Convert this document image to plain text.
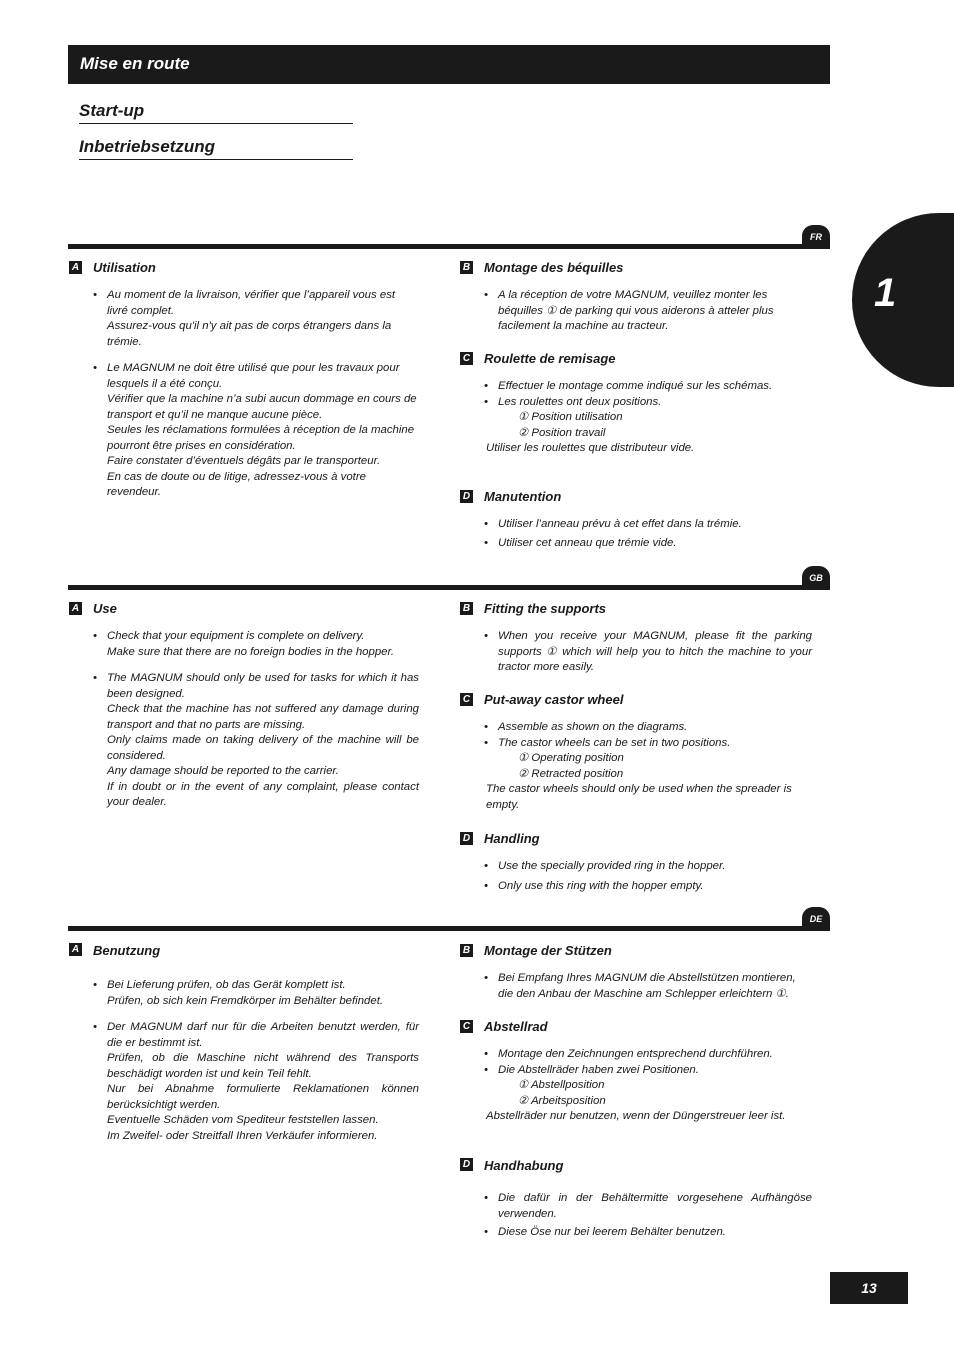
Mise en route
Start-up
Inbetriebsetzung
1
FR
A Utilisation
• Au moment de la livraison, vérifier que l’appareil vous est livré complet.
Assurez-vous qu'il n'y ait pas de corps étrangers dans la trémie.
• Le MAGNUM ne doit être utilisé que pour les travaux pour lesquels il a été conçu.
Vérifier que la machine n’a subi aucun dommage en cours de transport et qu’il ne manque aucune pièce.
Seules les réclamations formulées à réception de la machine pourront être prises en considération.
Faire constater d’éventuels dégâts par le transporteur.
En cas de doute ou de litige, adressez-vous à votre revendeur.
B Montage des béquilles
• A la réception de votre MAGNUM, veuillez monter les béquilles ① de parking qui vous aiderons à atteler plus facilement la machine au tracteur.
C Roulette de remisage
• Effectuer le montage comme indiqué sur les schémas.
• Les roulettes ont deux positions.
① Position utilisation
② Position travail
Utiliser les roulettes que distributeur vide.
D Manutention
• Utiliser l’anneau prévu à cet effet dans la trémie.
• Utiliser cet anneau que trémie vide.
GB
A Use
• Check that your equipment is complete on delivery.
Make sure that there are no foreign bodies in the hopper.
• The MAGNUM should only be used for tasks for which it has been designed.
Check that the machine has not suffered any damage during transport and that no parts are missing.
Only claims made on taking delivery of the machine will be considered.
Any damage should be reported to the carrier.
If in doubt or in the event of any complaint, please contact your dealer.
B Fitting the supports
• When you receive your MAGNUM, please fit the parking supports ① which will help you to hitch the machine to your tractor more easily.
C Put-away castor wheel
• Assemble as shown on the diagrams.
• The castor wheels can be set in two positions.
① Operating position
② Retracted position
The castor wheels should only be used when the spreader is empty.
D Handling
• Use the specially provided ring in the hopper.
• Only use this ring with the hopper empty.
DE
A Benutzung
• Bei Lieferung prüfen, ob das Gerät komplett ist.
Prüfen, ob sich kein Fremdkörper im Behälter befindet.
• Der MAGNUM darf nur für die Arbeiten benutzt werden, für die er bestimmt ist.
Prüfen, ob die Maschine nicht während des Transports beschädigt worden ist und kein Teil fehlt.
Nur bei Abnahme formulierte Reklamationen können berücksichtigt werden.
Eventuelle Schäden vom Spediteur feststellen lassen.
Im Zweifel- oder Streitfall Ihren Verkäufer informieren.
B Montage der Stützen
• Bei Empfang Ihres MAGNUM die Abstellstützen montieren, die den Anbau der Maschine am Schlepper erleichtern ①.
C Abstellrad
• Montage den Zeichnungen entsprechend durchführen.
• Die Abstellräder haben zwei Positionen.
① Abstellposition
② Arbeitsposition
Abstellräder nur benutzen, wenn der Düngerstreuer leer ist.
D Handhabung
• Die dafür in der Behältermitte vorgesehene Aufhängöse verwenden.
• Diese Öse nur bei leerem Behälter benutzen.
13
